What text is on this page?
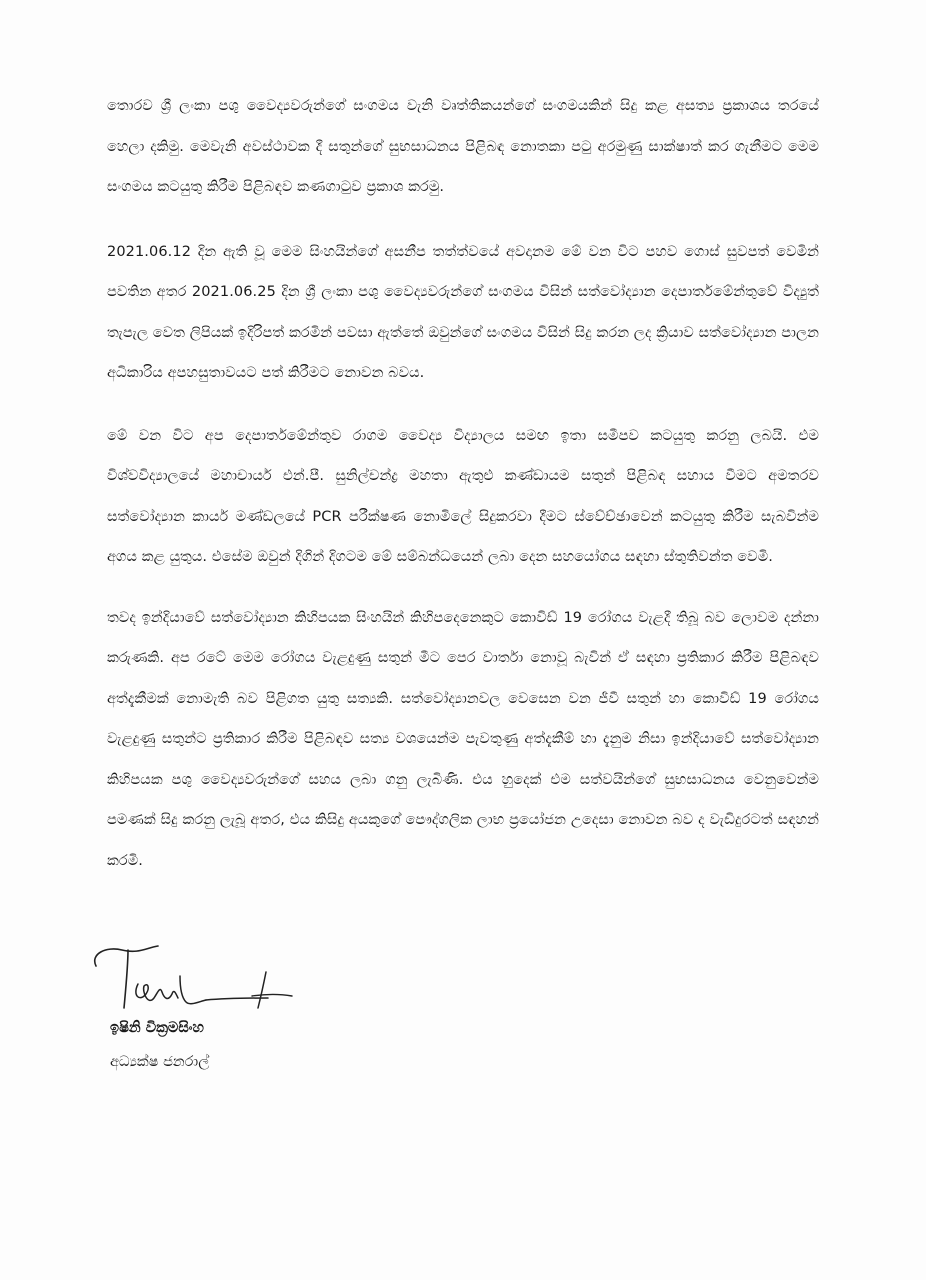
තොරව ශ්‍රී ලංකා පශු වෛද්‍යවරුන්ගේ සංගමය වැනි වෘත්තිකයන්ගේ සංගමයකින් සිදු කළ අසත්‍ය ප්‍රකාශය තරයේ හෙලා දකිමු. මෙවැනි අවස්ථාවක දී සතුන්ගේ සුභසාධනය පිළිබඳ නොතකා පටු අරමුණු සාක්ෂාත් කර ගැනීමට මෙම සංගමය කටයුතු කිරීම පිළිබඳව කණගාටුව ප්‍රකාශ කරමු.

2021.06.12 දින ඇති වූ මෙම සිංහයින්ගේ අසනීප තත්ත්වයේ අවදානම මේ වන විට පහව ගොස් සුවපත් වෙමින් පවතින අතර 2021.06.25 දින ශ්‍රී ලංකා පශු වෛද්‍යවරුන්ගේ සංගමය විසින් සත්වෝද්‍යාන දෙපාර්තමේන්තුවේ විද්‍යුත් තැපැල වෙත ලිපියක් ඉදිරිපත් කරමින් පවසා ඇත්තේ ඔවුන්ගේ සංගමය විසින් සිදු කරන ලද ක්‍රියාව සත්වෝද්‍යාන පාලන අධිකාරිය අපහසුතාවයට පත් කිරීමට නොවන බවය.

මේ වන විට අප දෙපාර්තමේන්තුව රාගම වෛද්‍ය විද්‍යාලය සමඟ ඉතා සමීපව කටයුතු කරනු ලබයි. එම විශ්වවිද්‍යාලයේ මහාචාර්ය එන්.පී. සුනිල්චන්ද්‍ර මහතා ඇතුළු කණ්ඩායම සතුන් පිළිබඳ සහාය වීමට අමතරව සත්වෝද්‍යාන කාර්ය මණ්ඩලයේ PCR පරීක්ෂණ නොමිලේ සිදුකරවා දීමට ස්වේච්ඡාවෙන් කටයුතු කිරීම සැබවින්ම අගය කළ යුතුය. එසේම ඔවුන් දිගින් දිගටම මේ සම්බන්ධයෙන් ලබා දෙන සහයෝගය සඳහා ස්තුතිවන්ත වෙමි.

තවද ඉන්දියාවේ සත්වෝද්‍යාන කිහිපයක සිංහයින් කිහිපදෙනෙකුට කොවිඩ් 19 රෝගය වැළදී තිබූ බව ලොවම දන්නා කරුණකි. අප රටේ මෙම රෝගය වැළදුණු සතුන් මීට පෙර වාර්තා නොවූ බැවින් ඒ සඳහා ප්‍රතිකාර කිරීම පිළිබඳව අත්දැකීමක් නොමැති බව පිළිගත යුතු සත්‍යකි. සත්වෝද්‍යානවල වෙසෙන වන ජීවී සතුන් හා කොවිඩ් 19 රෝගය වැළදුණු සතුන්ට ප්‍රතිකාර කිරීම පිළිබඳව සත්‍ය වශයෙන්ම පැවතුණු අත්දැකීම් හා දැනුම නිසා ඉන්දියාවේ සත්වෝද්‍යාන කිහිපයක පශු වෛද්‍යවරුන්ගේ සහය ලබා ගනු ලැබිණි. එය හුදෙක් එම සත්වයින්ගේ සුභසාධනය වෙනුවෙන්ම පමණක් සිදු කරනු ලැබූ අතර, එය කිසිදු අයකුගේ පෞද්ගලික ලාභ ප්‍රයෝජන උදෙසා නොවන බව ද වැඩිදුරටත් සඳහන් කරමි.

ඉෂිනි වික්‍රමසිංහ
අධ්‍යක්ෂ ජනරාල්
